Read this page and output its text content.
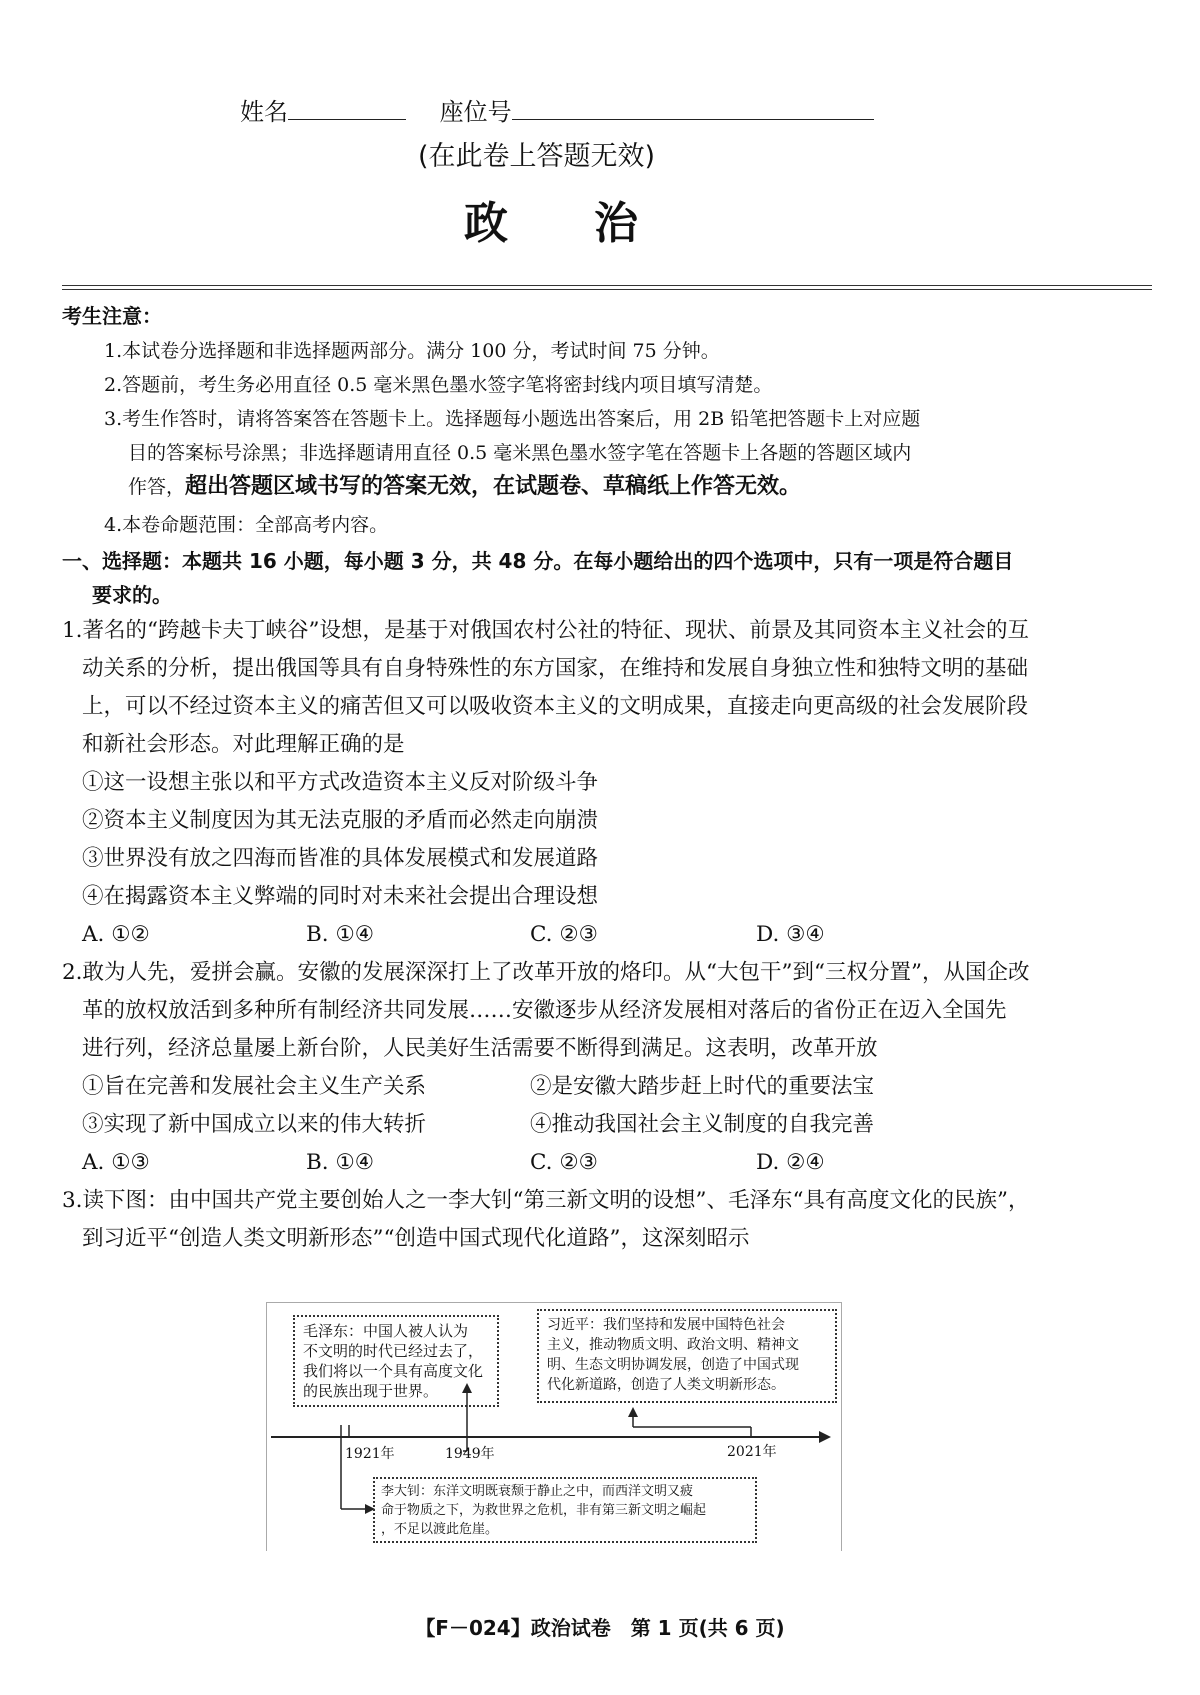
姓名	座位号
(在此卷上答题无效)
政 治
考生注意：
1.本试卷分选择题和非选择题两部分。满分 100 分，考试时间 75 分钟。
2.答题前，考生务必用直径 0.5 毫米黑色墨水签字笔将密封线内项目填写清楚。
3.考生作答时，请将答案答在答题卡上。选择题每小题选出答案后，用 2B 铅笔把答题卡上对应题
目的答案标号涂黑；非选择题请用直径 0.5 毫米黑色墨水签字笔在答题卡上各题的答题区域内
作答，超出答题区域书写的答案无效，在试题卷、草稿纸上作答无效。
4.本卷命题范围：全部高考内容。
一、选择题：本题共 16 小题，每小题 3 分，共 48 分。在每小题给出的四个选项中，只有一项是符合题目
要求的。
1.著名的“跨越卡夫丁峡谷”设想，是基于对俄国农村公社的特征、现状、前景及其同资本主义社会的互
动关系的分析，提出俄国等具有自身特殊性的东方国家，在维持和发展自身独立性和独特文明的基础
上，可以不经过资本主义的痛苦但又可以吸收资本主义的文明成果，直接走向更高级的社会发展阶段
和新社会形态。对此理解正确的是
①这一设想主张以和平方式改造资本主义反对阶级斗争
②资本主义制度因为其无法克服的矛盾而必然走向崩溃
③世界没有放之四海而皆准的具体发展模式和发展道路
④在揭露资本主义弊端的同时对未来社会提出合理设想
A. ①②	B. ①④	C. ②③	D. ③④
2.敢为人先，爱拼会赢。安徽的发展深深打上了改革开放的烙印。从“大包干”到“三权分置”，从国企改
革的放权放活到多种所有制经济共同发展……安徽逐步从经济发展相对落后的省份正在迈入全国先
进行列，经济总量屡上新台阶，人民美好生活需要不断得到满足。这表明，改革开放
①旨在完善和发展社会主义生产关系	②是安徽大踏步赶上时代的重要法宝
③实现了新中国成立以来的伟大转折	④推动我国社会主义制度的自我完善
A. ①③	B. ①④	C. ②③	D. ②④
3.读下图：由中国共产党主要创始人之一李大钊“第三新文明的设想”、毛泽东“具有高度文化的民族”，
到习近平“创造人类文明新形态”“创造中国式现代化道路”，这深刻昭示
毛泽东：中国人被人认为
不文明的时代已经过去了，
我们将以一个具有高度文化
的民族出现于世界。
习近平：我们坚持和发展中国特色社会
主义，推动物质文明、政治文明、精神文
明、生态文明协调发展，创造了中国式现
代化新道路，创造了人类文明新形态。
1921年	1949年	2021年
李大钊：东洋文明既衰颓于静止之中，而西洋文明又疲
命于物质之下，为救世界之危机，非有第三新文明之崛起
，不足以渡此危崖。
【F－024】政治试卷　第 1 页(共 6 页)
